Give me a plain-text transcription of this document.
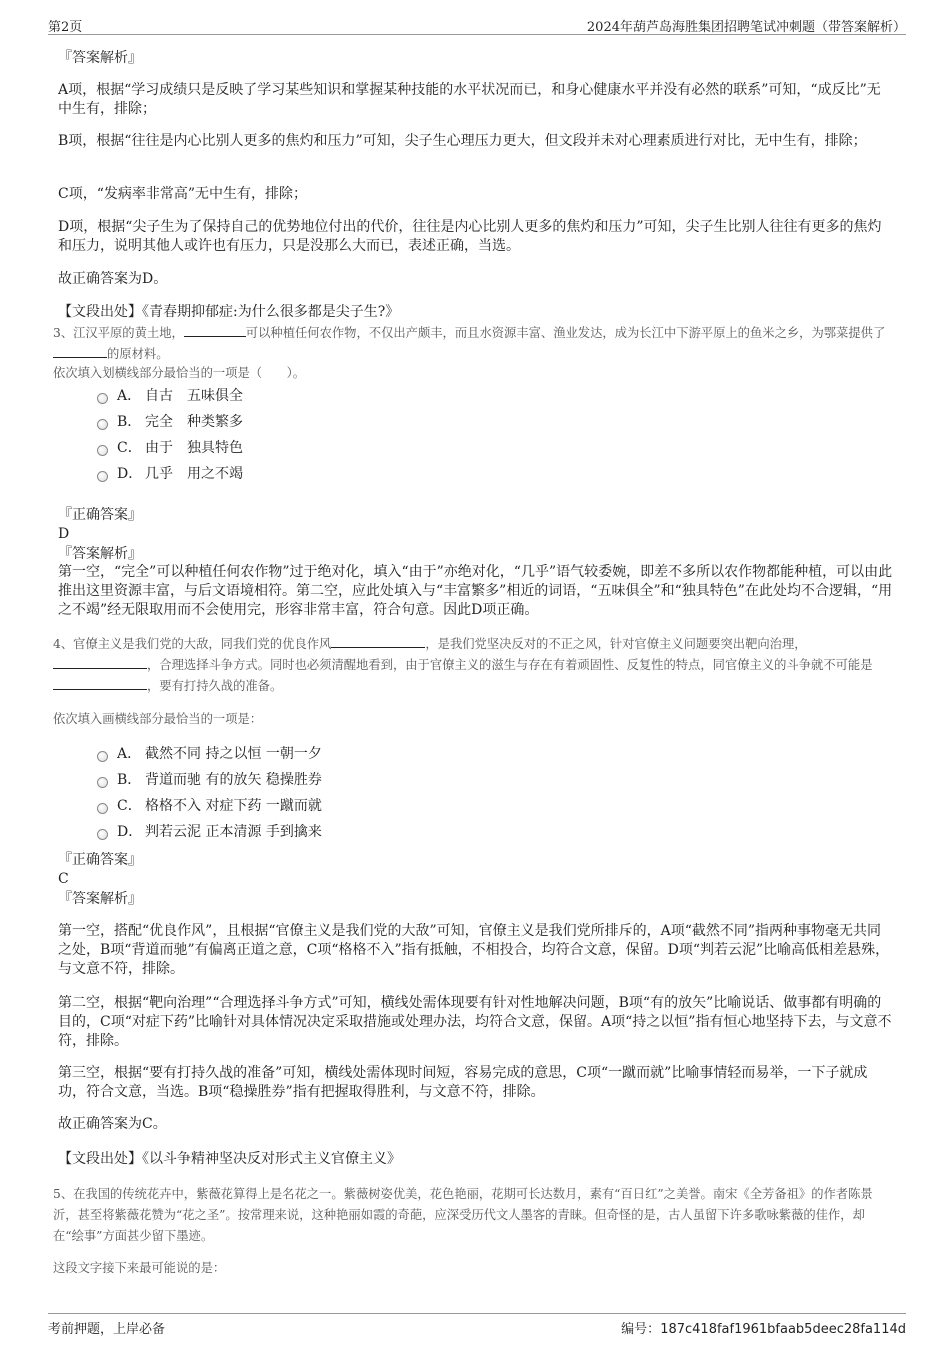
第2页	2024年葫芦岛海胜集团招聘笔试冲刺题（带答案解析）
『答案解析』
A项，根据“学习成绩只是反映了学习某些知识和掌握某种技能的水平状况而已，和身心健康水平并没有必然的联系”可知，“成反比”无中生有，排除；
B项，根据“往往是内心比别人更多的焦灼和压力”可知，尖子生心理压力更大，但文段并未对心理素质进行对比，无中生有，排除；
C项，“发病率非常高”无中生有，排除；
D项，根据“尖子生为了保持自己的优势地位付出的代价，往往是内心比别人更多的焦灼和压力”可知，尖子生比别人往往有更多的焦灼和压力，说明其他人或许也有压力，只是没那么大而已，表述正确，当选。
故正确答案为D。
【文段出处】《青春期抑郁症:为什么很多都是尖子生?》
3、江汉平原的黄土地，	可以种植任何农作物，不仅出产颇丰，而且水资源丰富、渔业发达，成为长江中下游平原上的鱼米之乡，为鄂菜提供了的原材料。
依次填入划横线部分最恰当的一项是（　　）。
A． 自古 五味俱全
B． 完全 种类繁多
C． 由于 独具特色
D． 几乎 用之不竭
『正确答案』
D
『答案解析』
第一空，“完全”可以种植任何农作物”过于绝对化，填入“由于”亦绝对化，“几乎”语气较委婉，即差不多所以农作物都能种植，可以由此推出这里资源丰富，与后文语境相符。第二空，应此处填入与“丰富繁多”相近的词语，“五味俱全”和“独具特色”在此处均不合逻辑，“用之不竭”经无限取用而不会使用完，形容非常丰富，符合句意。因此D项正确。
4、官僚主义是我们党的大敌，同我们党的优良作风	，是我们党坚决反对的不正之风，针对官僚主义问题要突出靶向治理，，合理选择斗争方式。同时也必须清醒地看到，由于官僚主义的滋生与存在有着顽固性、反复性的特点，同官僚主义的斗争就不可能是，要有打持久战的准备。
依次填入画横线部分最恰当的一项是：
A． 截然不同 持之以恒 一朝一夕
B． 背道而驰 有的放矢 稳操胜券
C． 格格不入 对症下药 一蹴而就
D． 判若云泥 正本清源 手到擒来
『正确答案』
C
『答案解析』
第一空，搭配“优良作风”，且根据“官僚主义是我们党的大敌”可知，官僚主义是我们党所排斥的，A项“截然不同”指两种事物毫无共同之处，B项“背道而驰”有偏离正道之意，C项“格格不入”指有抵触，不相投合，均符合文意，保留。D项“判若云泥”比喻高低相差悬殊，与文意不符，排除。
第二空，根据“靶向治理”“合理选择斗争方式”可知，横线处需体现要有针对性地解决问题，B项“有的放矢”比喻说话、做事都有明确的目的，C项“对症下药”比喻针对具体情况决定采取措施或处理办法，均符合文意，保留。A项“持之以恒”指有恒心地坚持下去，与文意不符，排除。
第三空，根据“要有打持久战的准备”可知，横线处需体现时间短，容易完成的意思，C项“一蹴而就”比喻事情轻而易举，一下子就成功，符合文意，当选。B项“稳操胜券”指有把握取得胜利，与文意不符，排除。
故正确答案为C。
【文段出处】《以斗争精神坚决反对形式主义官僚主义》
5、在我国的传统花卉中，紫薇花算得上是名花之一。紫薇树姿优美，花色艳丽，花期可长达数月，素有“百日红”之美誉。南宋《全芳备祖》的作者陈景沂，甚至将紫薇花赞为“花之圣”。按常理来说，这种艳丽如霞的奇葩，应深受历代文人墨客的青睐。但奇怪的是，古人虽留下许多歌咏紫薇的佳作，却在“绘事”方面甚少留下墨迹。
这段文字接下来最可能说的是：
考前押题，上岸必备	编号：187c418faf1961bfaab5deec28fa114d
